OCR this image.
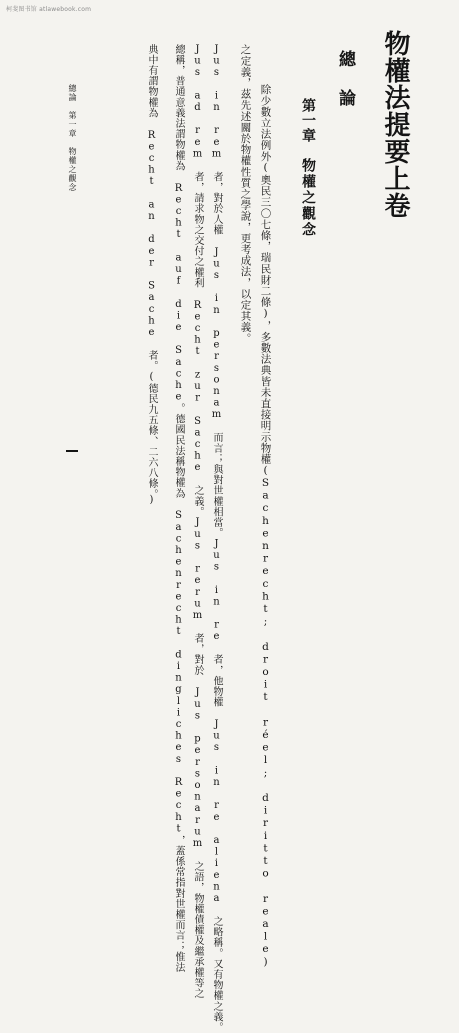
柯斐图书馆 atlawebook.com
物權法提要上卷
總論
第一章
物權之觀念
除少數立法例外(奧民三〇七條，瑞民財二條)，多數法典皆未直接明示物權(Sachenrecht; droit réel; diritto reale)
之定義，茲先述關於物權性質之學說，更考成法，以定其義。
Jus in rem 者，對於人權 Jus in personam 而言；與對世權相當。Jus in re 者，他物權 Jus in re aliena 之略稱。又有物權之義。
Jus ad rem 者，請求物之交付之權利 Recht zur Sache 之義。Jus rerum 者，對於 Jus personarum 之語，物權債權及繼承權等之
總稱，普通意義法謂物權為 Recht auf die Sache。德國民法稱物權為 Sachenrecht dingliches Recht，蓋係常指對世權而言；惟法
典中有謂物權為 Recht an der Sache 者。(德民九五條、二六八條。)
總論　第一章　物權之觀念
